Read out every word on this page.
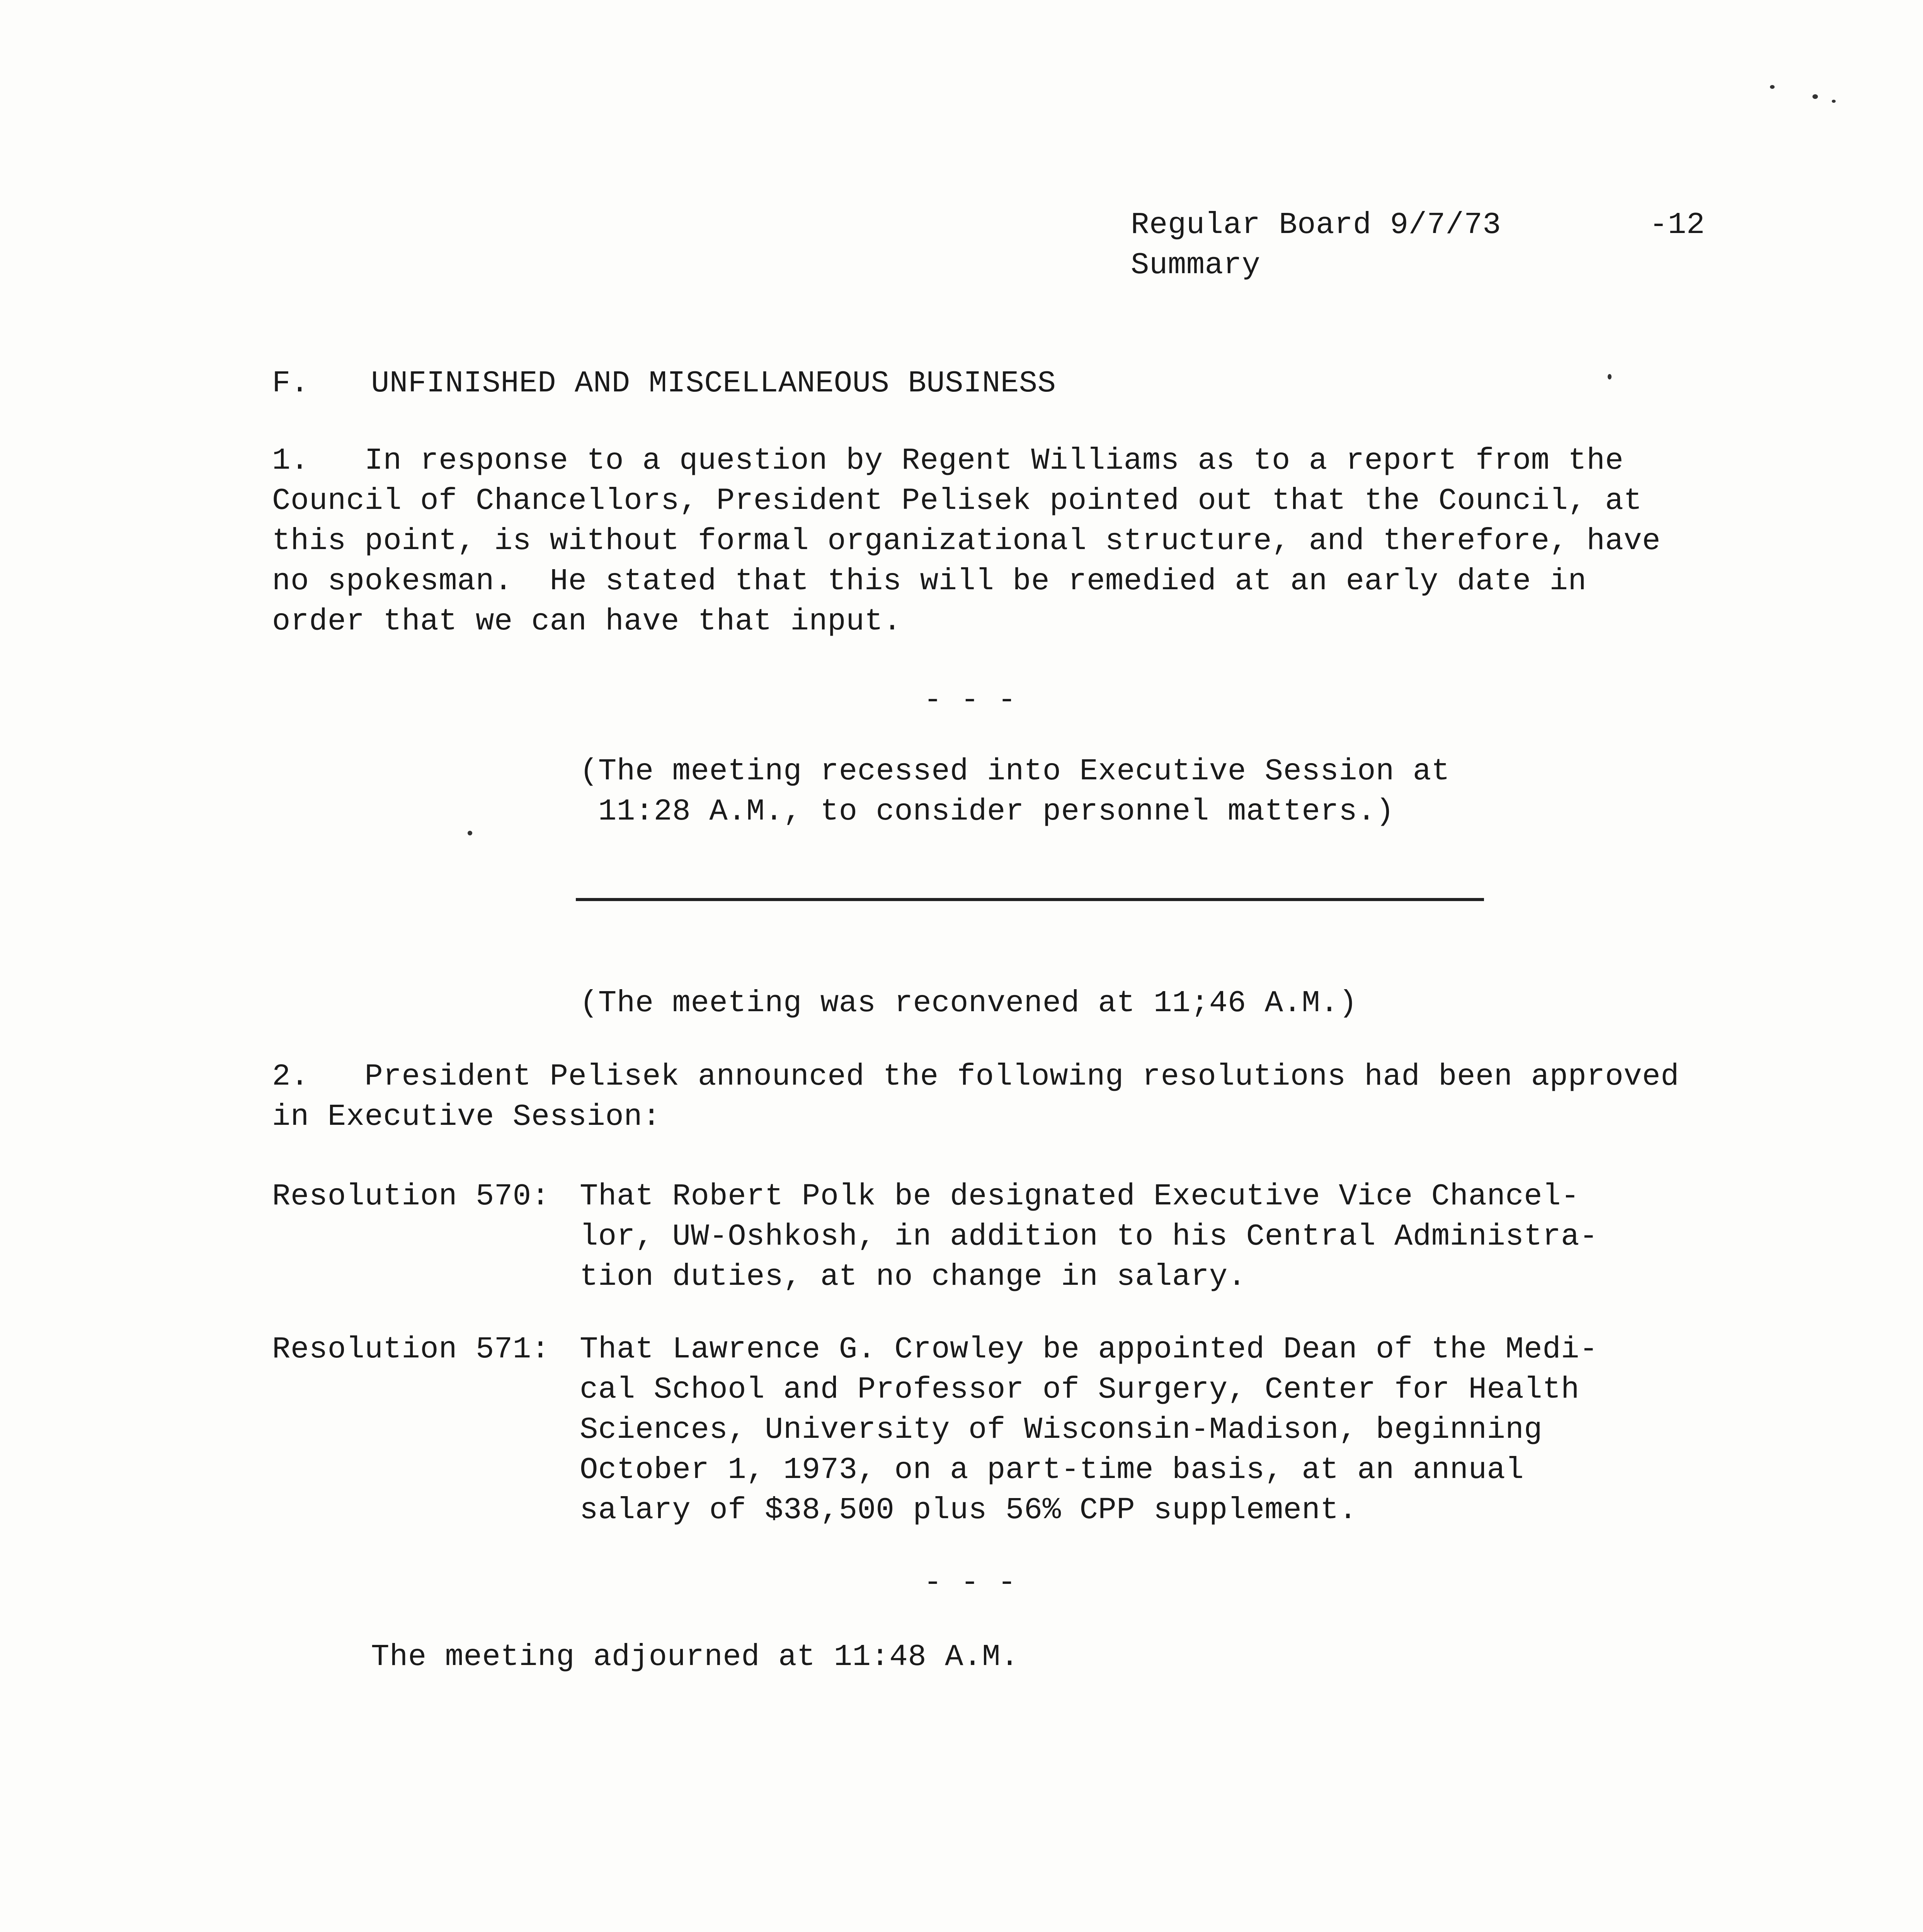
Regular Board 9/7/73
Summary
-12
F. UNFINISHED AND MISCELLANEOUS BUSINESS
1.   In response to a question by Regent Williams as to a report from the
Council of Chancellors, President Pelisek pointed out that the Council, at
this point, is without formal organizational structure, and therefore, have
no spokesman.  He stated that this will be remedied at an early date in
order that we can have that input.
- - -
(The meeting recessed into Executive Session at
11:28 A.M., to consider personnel matters.)
(The meeting was reconvened at 11;46 A.M.)
2.   President Pelisek announced the following resolutions had been approved
in Executive Session:
Resolution 570: That Robert Polk be designated Executive Vice Chancel-
lor, UW-Oshkosh, in addition to his Central Administra-
tion duties, at no change in salary.
Resolution 571: That Lawrence G. Crowley be appointed Dean of the Medi-
cal School and Professor of Surgery, Center for Health
Sciences, University of Wisconsin-Madison, beginning
October 1, 1973, on a part-time basis, at an annual
salary of $38,500 plus 56% CPP supplement.
- - -
The meeting adjourned at 11:48 A.M.
